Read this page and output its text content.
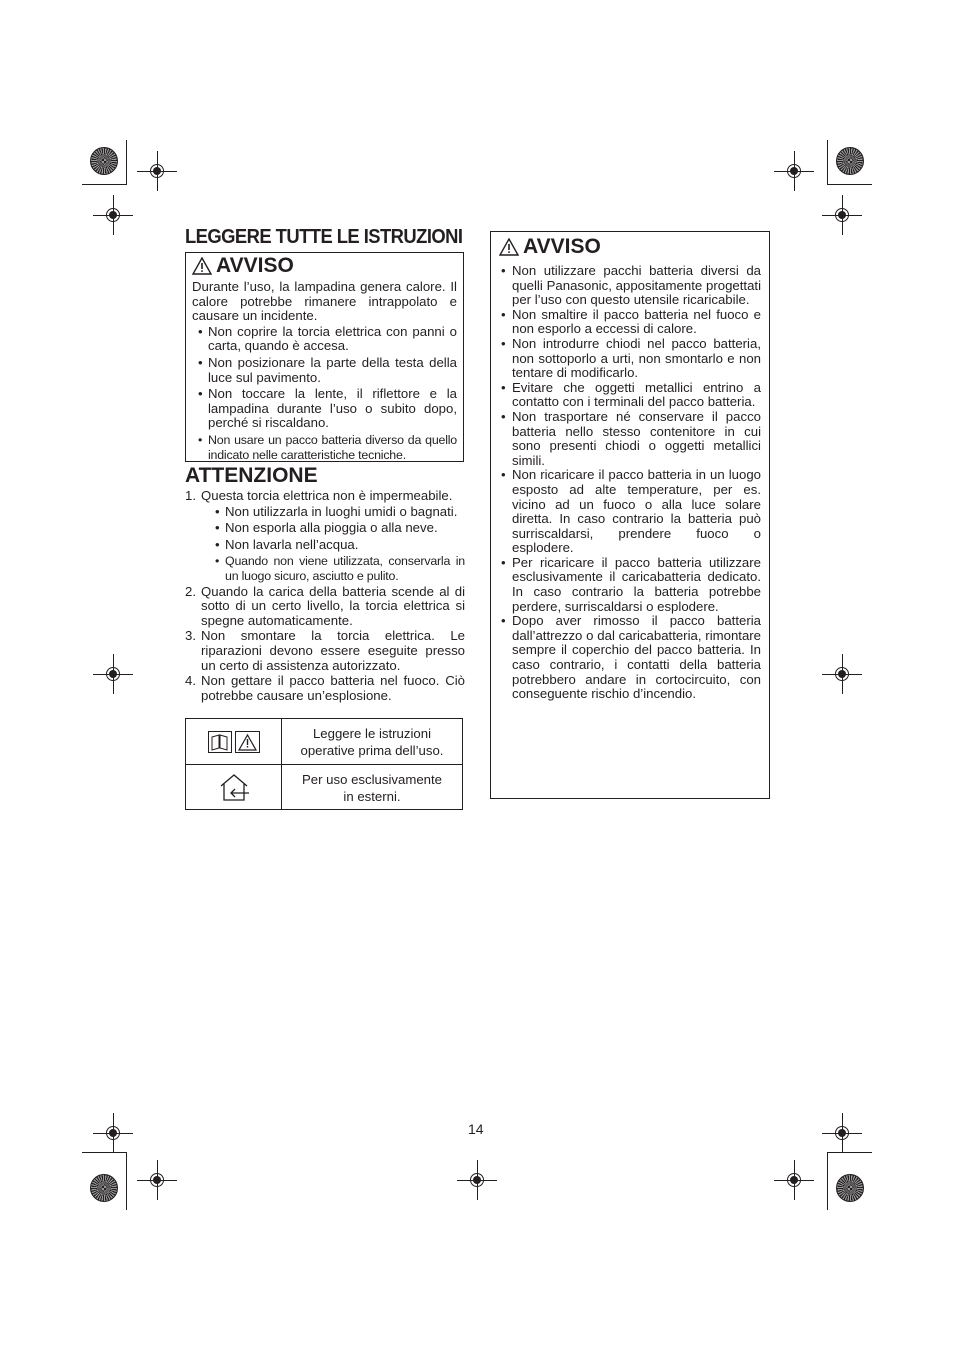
LEGGERE TUTTE LE ISTRUZIONI
AVVISO

Durante l’uso, la lampadina genera calore. Il calore potrebbe rimanere intrappolato e causare un incidente.

• Non coprire la torcia elettrica con panni o carta, quando è accesa.
• Non posizionare la parte della testa della luce sul pavimento.
• Non toccare la lente, il riflettore e la lampadina durante l’uso o subito dopo, perché si riscaldano.
• Non usare un pacco batteria diverso da quello indicato nelle caratteristiche tecniche.
ATTENZIONE
1. Questa torcia elettrica non è impermeabile.
• Non utilizzarla in luoghi umidi o bagnati.
• Non esporla alla pioggia o alla neve.
• Non lavarla nell’acqua.
• Quando non viene utilizzata, conservarla in un luogo sicuro, asciutto e pulito.
2. Quando la carica della batteria scende al di sotto di un certo livello, la torcia elettrica si spegne automaticamente.
3. Non smontare la torcia elettrica. Le riparazioni devono essere eseguite presso un certo di assistenza autorizzato.
4. Non gettare il pacco batteria nel fuoco. Ciò potrebbe causare un’esplosione.
Leggere le istruzioni
operative prima dell’uso.
Per uso esclusivamente
in esterni.
AVVISO
• Non utilizzare pacchi batteria diversi da quelli Panasonic, appositamente progettati per l’uso con questo utensile ricaricabile.
• Non smaltire il pacco batteria nel fuoco e non esporlo a eccessi di calore.
• Non introdurre chiodi nel pacco batteria, non sottoporlo a urti, non smontarlo e non tentare di modificarlo.
• Evitare che oggetti metallici entrino a contatto con i terminali del pacco batteria.
• Non trasportare né conservare il pacco batteria nello stesso contenitore in cui sono presenti chiodi o oggetti metallici simili.
• Non ricaricare il pacco batteria in un luogo esposto ad alte temperature, per es. vicino ad un fuoco o alla luce solare diretta. In caso contrario la batteria può surriscaldarsi, prendere fuoco o esplodere.
• Per ricaricare il pacco batteria utilizzare esclusivamente il caricabatteria dedicato. In caso contrario la batteria potrebbe perdere, surriscaldarsi o esplodere.
• Dopo aver rimosso il pacco batteria dall’attrezzo o dal caricabatteria, rimontare sempre il coperchio del pacco batteria. In caso contrario, i contatti della batteria potrebbero andare in cortocircuito, con conseguente rischio d’incendio.
14
